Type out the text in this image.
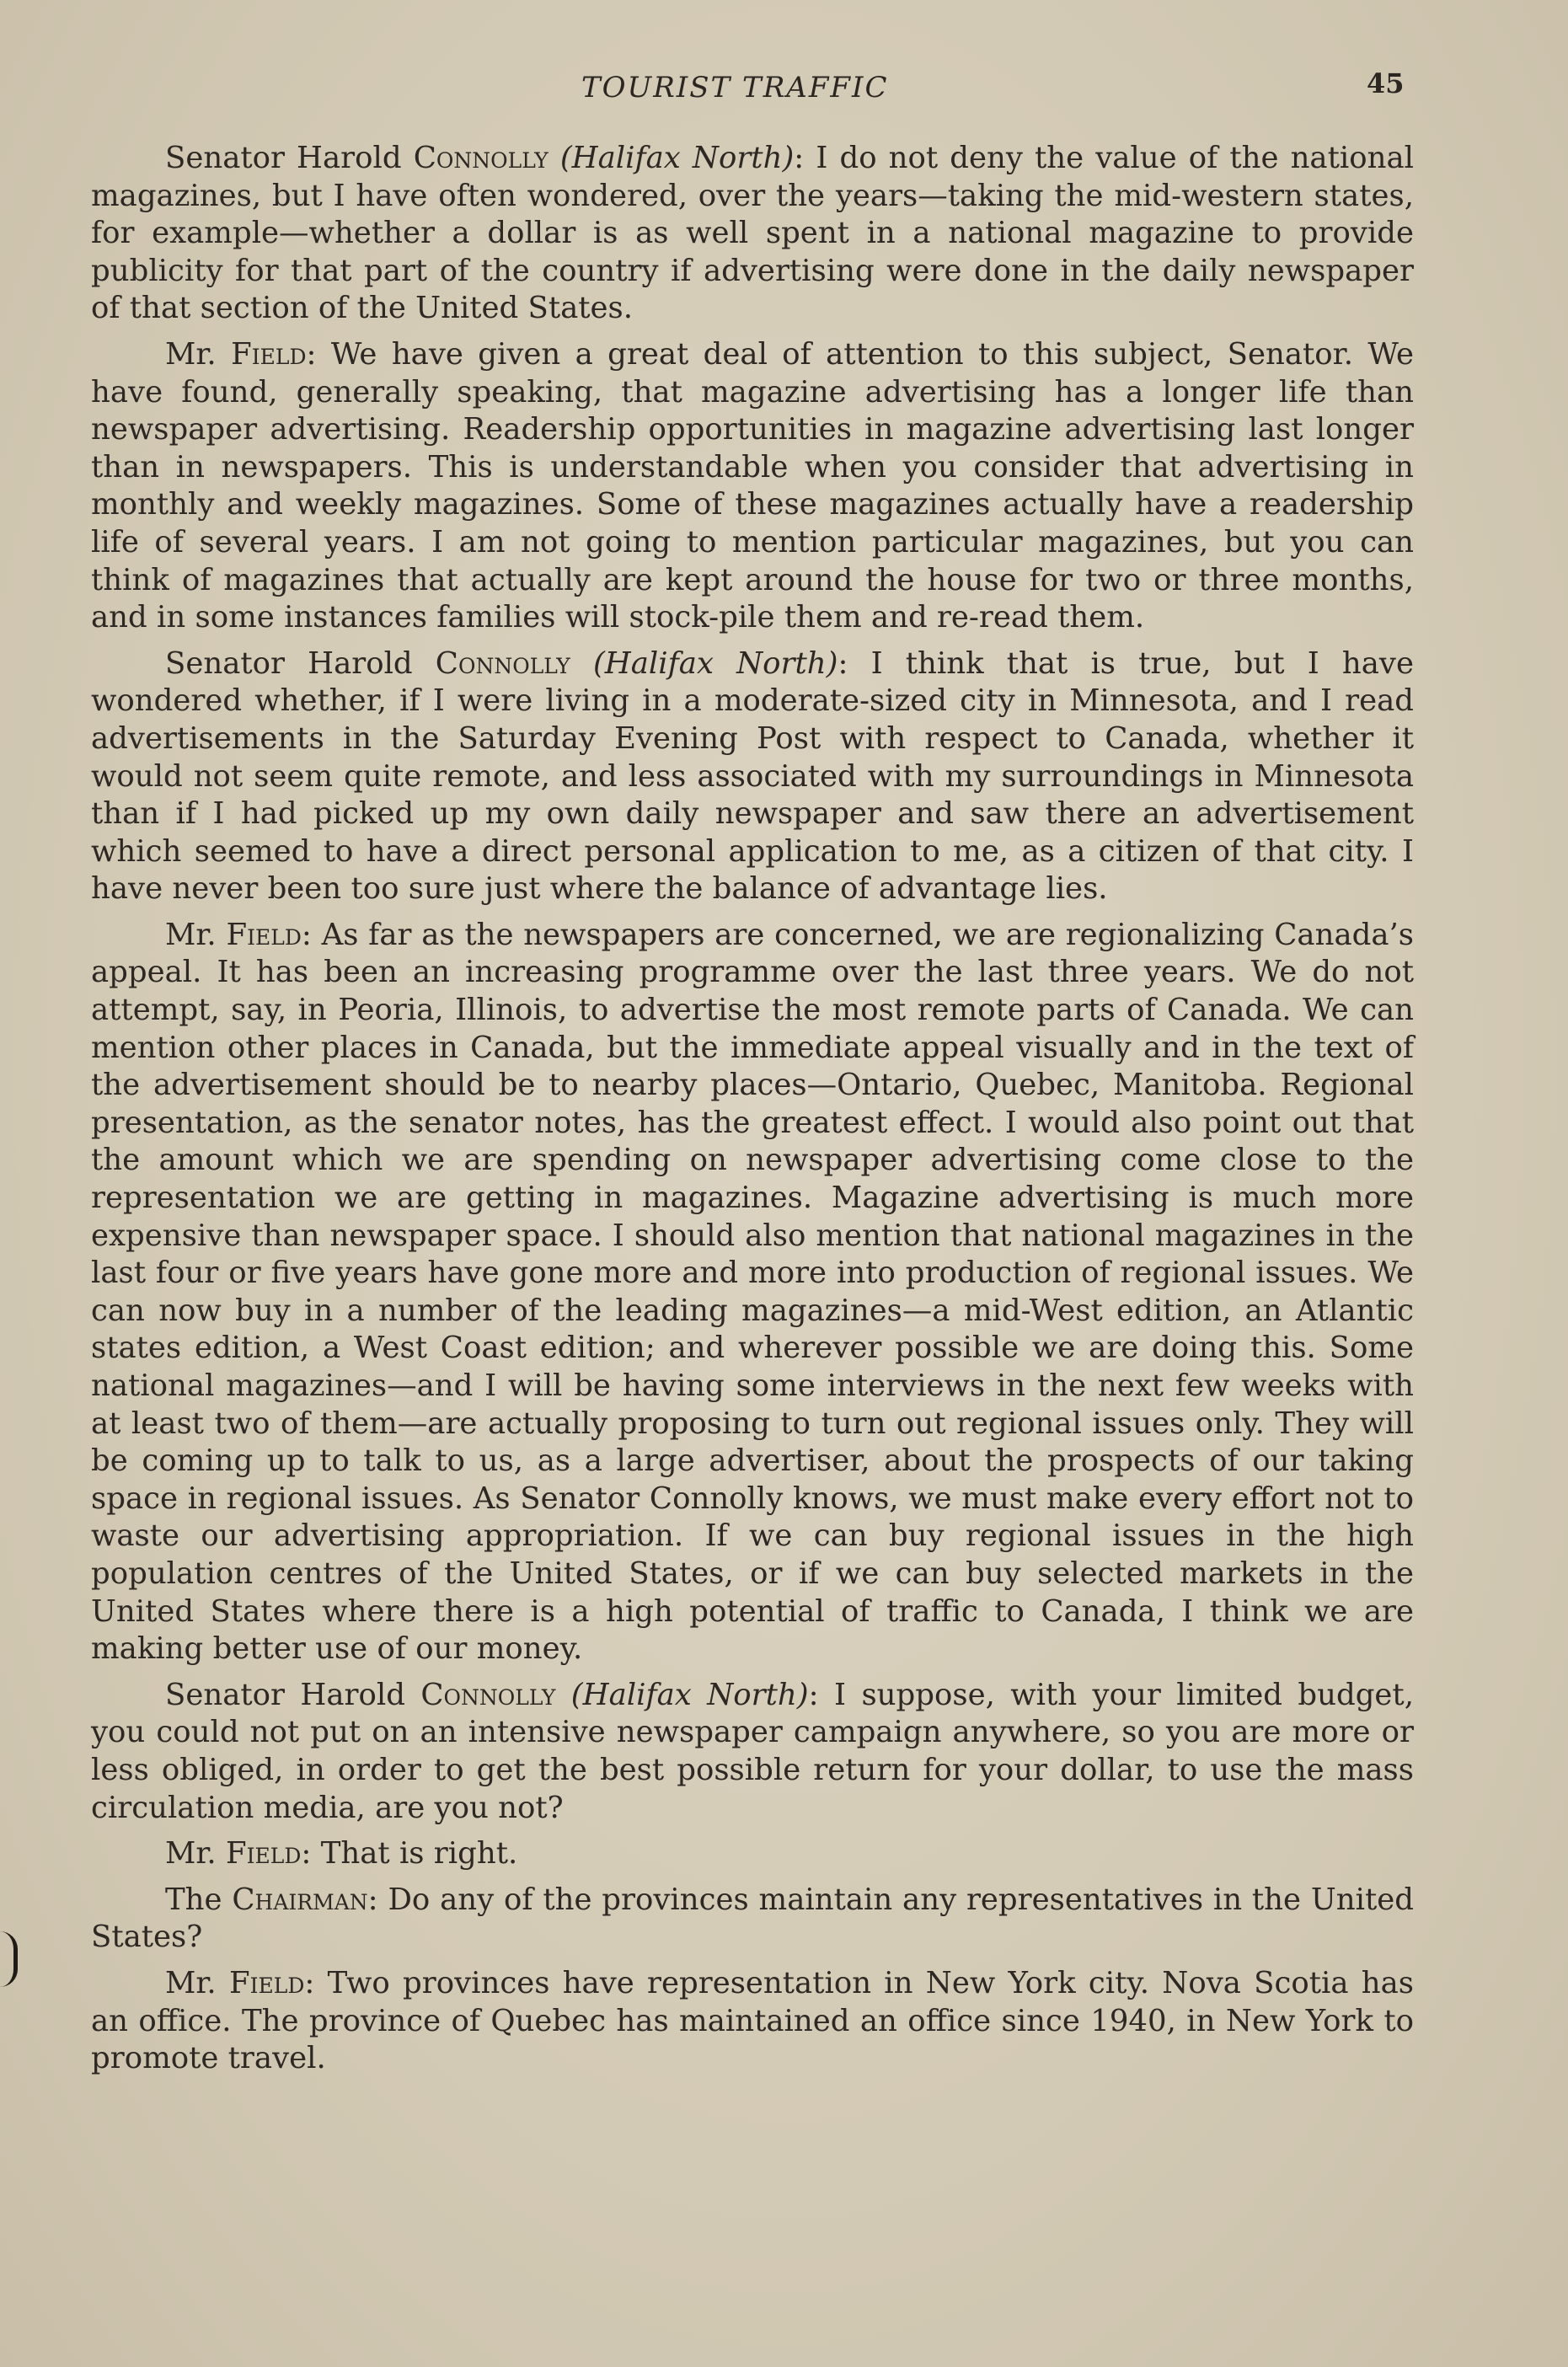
TOURIST TRAFFIC	45

Senator Harold Connolly (Halifax North): I do not deny the value of the national magazines, but I have often wondered, over the years—taking the mid-western states, for example—whether a dollar is as well spent in a national magazine to provide publicity for that part of the country if advertising were done in the daily newspaper of that section of the United States.

Mr. Field: We have given a great deal of attention to this subject, Senator. We have found, generally speaking, that magazine advertising has a longer life than newspaper advertising. Readership opportunities in magazine advertising last longer than in newspapers. This is understandable when you consider that advertising in monthly and weekly magazines. Some of these magazines actually have a readership life of several years. I am not going to mention particular magazines, but you can think of magazines that actually are kept around the house for two or three months, and in some instances families will stock-pile them and re-read them.

Senator Harold Connolly (Halifax North): I think that is true, but I have wondered whether, if I were living in a moderate-sized city in Minnesota, and I read advertisements in the Saturday Evening Post with respect to Canada, whether it would not seem quite remote, and less associated with my surroundings in Minnesota than if I had picked up my own daily newspaper and saw there an advertisement which seemed to have a direct personal application to me, as a citizen of that city. I have never been too sure just where the balance of advantage lies.

Mr. Field: As far as the newspapers are concerned, we are regionalizing Canada’s appeal. It has been an increasing programme over the last three years. We do not attempt, say, in Peoria, Illinois, to advertise the most remote parts of Canada. We can mention other places in Canada, but the immediate appeal visually and in the text of the advertisement should be to nearby places—Ontario, Quebec, Manitoba. Regional presentation, as the senator notes, has the greatest effect. I would also point out that the amount which we are spending on newspaper advertising come close to the representation we are getting in magazines. Magazine advertising is much more expensive than newspaper space. I should also mention that national magazines in the last four or five years have gone more and more into production of regional issues. We can now buy in a number of the leading magazines—a mid-West edition, an Atlantic states edition, a West Coast edition; and wherever possible we are doing this. Some national magazines—and I will be having some interviews in the next few weeks with at least two of them—are actually proposing to turn out regional issues only. They will be coming up to talk to us, as a large advertiser, about the prospects of our taking space in regional issues. As Senator Connolly knows, we must make every effort not to waste our advertising appropriation. If we can buy regional issues in the high population centres of the United States, or if we can buy selected markets in the United States where there is a high potential of traffic to Canada, I think we are making better use of our money.

Senator Harold Connolly (Halifax North): I suppose, with your limited budget, you could not put on an intensive newspaper campaign anywhere, so you are more or less obliged, in order to get the best possible return for your dollar, to use the mass circulation media, are you not?

Mr. Field: That is right.

The Chairman: Do any of the provinces maintain any representatives in the United States?

Mr. Field: Two provinces have representation in New York city. Nova Scotia has an office. The province of Quebec has maintained an office since 1940, in New York to promote travel.
